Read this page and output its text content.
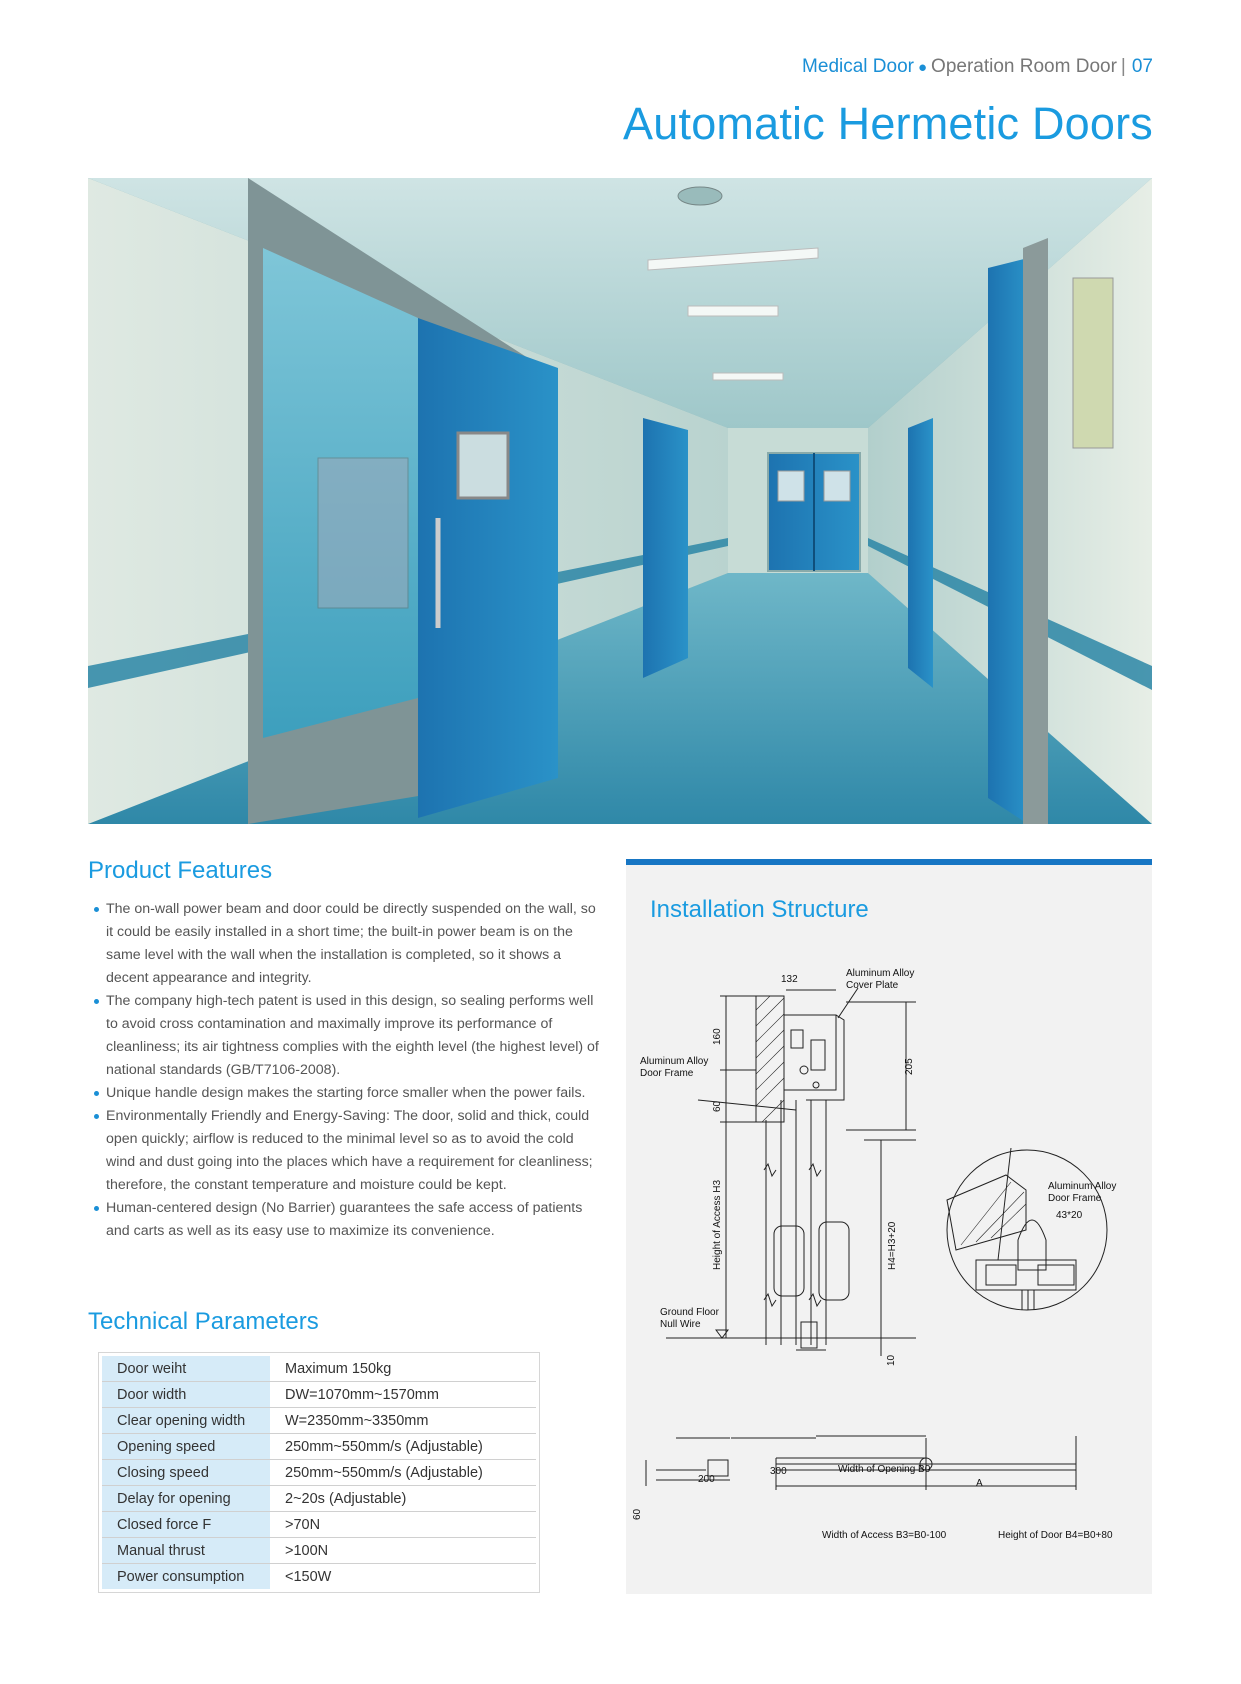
Medical Door ● Operation Room Door | 07
Automatic Hermetic Doors
Product Features
The on-wall power beam and door could be directly suspended on the wall, so it could be easily installed in a short time; the built-in power beam is on the same level with the wall when the installation is completed, so it shows a decent appearance and integrity.
The company high-tech patent is used in this design, so sealing performs well to avoid cross contamination and maximally improve its performance of cleanliness; its air tightness complies with the eighth level (the highest level) of national standards (GB/T7106-2008).
Unique handle design makes the starting force smaller when the power fails.
Environmentally Friendly and Energy-Saving: The door, solid and thick, could open quickly; airflow is reduced to the minimal level so as to avoid the cold wind and dust going into the places which have a requirement for cleanliness; therefore, the constant temperature and moisture could be kept.
Human-centered design (No Barrier) guarantees the safe access of patients and carts as well as its easy use to maximize its convenience.
Technical Parameters
Door weiht	Maximum 150kg
Door width	DW=1070mm~1570mm
Clear opening width	W=2350mm~3350mm
Opening speed	250mm~550mm/s (Adjustable)
Closing speed	250mm~550mm/s (Adjustable)
Delay for opening	2~20s (Adjustable)
Closed force F	>70N
Manual thrust	>100N
Power consumption	<150W
Installation Structure
132
Aluminum Alloy
Cover Plate
160
205
Aluminum Alloy
Door Frame
60
Height of Access H3	H4=H3+20
Ground Floor
Null Wire
10
Aluminum Alloy
Door Frame
43*20
300	Width of Opening B0
200	A
60
Width of Access B3=B0-100	Height of Door B4=B0+80
